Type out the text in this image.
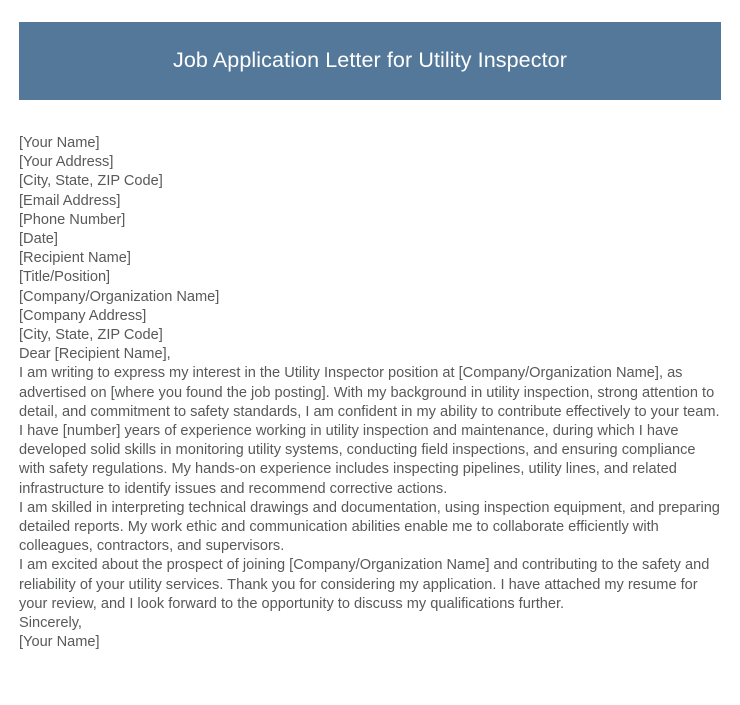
Job Application Letter for Utility Inspector
[Your Name]
[Your Address]
[City, State, ZIP Code]
[Email Address]
[Phone Number]
[Date]
[Recipient Name]
[Title/Position]
[Company/Organization Name]
[Company Address]
[City, State, ZIP Code]
Dear [Recipient Name],

I am writing to express my interest in the Utility Inspector position at [Company/Organization Name], as advertised on [where you found the job posting]. With my background in utility inspection, strong attention to detail, and commitment to safety standards, I am confident in my ability to contribute effectively to your team.

I have [number] years of experience working in utility inspection and maintenance, during which I have developed solid skills in monitoring utility systems, conducting field inspections, and ensuring compliance with safety regulations. My hands-on experience includes inspecting pipelines, utility lines, and related infrastructure to identify issues and recommend corrective actions.

I am skilled in interpreting technical drawings and documentation, using inspection equipment, and preparing detailed reports. My work ethic and communication abilities enable me to collaborate efficiently with colleagues, contractors, and supervisors.

I am excited about the prospect of joining [Company/Organization Name] and contributing to the safety and reliability of your utility services. Thank you for considering my application. I have attached my resume for your review, and I look forward to the opportunity to discuss my qualifications further.

Sincerely,
[Your Name]
